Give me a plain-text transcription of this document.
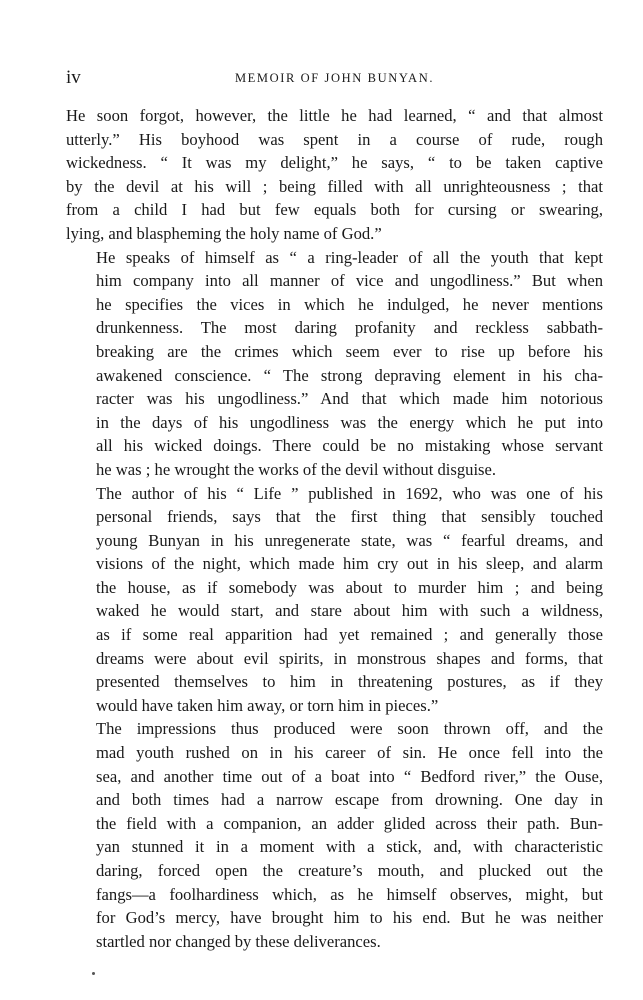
iv	MEMOIR OF JOHN BUNYAN.

He soon forgot, however, the little he had learned, “ and that almost
utterly.” His boyhood was spent in a course of rude, rough
wickedness. “ It was my delight,” he says, “ to be taken captive
by the devil at his will ; being filled with all unrighteousness ; that
from a child I had but few equals both for cursing or swearing,
lying, and blaspheming the holy name of God.”

He speaks of himself as “ a ring-leader of all the youth that kept
him company into all manner of vice and ungodliness.” But when
he specifies the vices in which he indulged, he never mentions
drunkenness. The most daring profanity and reckless sabbath-
breaking are the crimes which seem ever to rise up before his
awakened conscience. “ The strong depraving element in his cha-
racter was his ungodliness.” And that which made him notorious
in the days of his ungodliness was the energy which he put into
all his wicked doings. There could be no mistaking whose servant
he was ; he wrought the works of the devil without disguise.

The author of his “ Life ” published in 1692, who was one of his
personal friends, says that the first thing that sensibly touched
young Bunyan in his unregenerate state, was “ fearful dreams, and
visions of the night, which made him cry out in his sleep, and alarm
the house, as if somebody was about to murder him ; and being
waked he would start, and stare about him with such a wildness,
as if some real apparition had yet remained ; and generally those
dreams were about evil spirits, in monstrous shapes and forms, that
presented themselves to him in threatening postures, as if they
would have taken him away, or torn him in pieces.”

The impressions thus produced were soon thrown off, and the
mad youth rushed on in his career of sin. He once fell into the
sea, and another time out of a boat into “ Bedford river,” the Ouse,
and both times had a narrow escape from drowning. One day in
the field with a companion, an adder glided across their path. Bun-
yan stunned it in a moment with a stick, and, with characteristic
daring, forced open the creature’s mouth, and plucked out the
fangs—a foolhardiness which, as he himself observes, might, but
for God’s mercy, have brought him to his end. But he was neither
startled nor changed by these deliverances.
